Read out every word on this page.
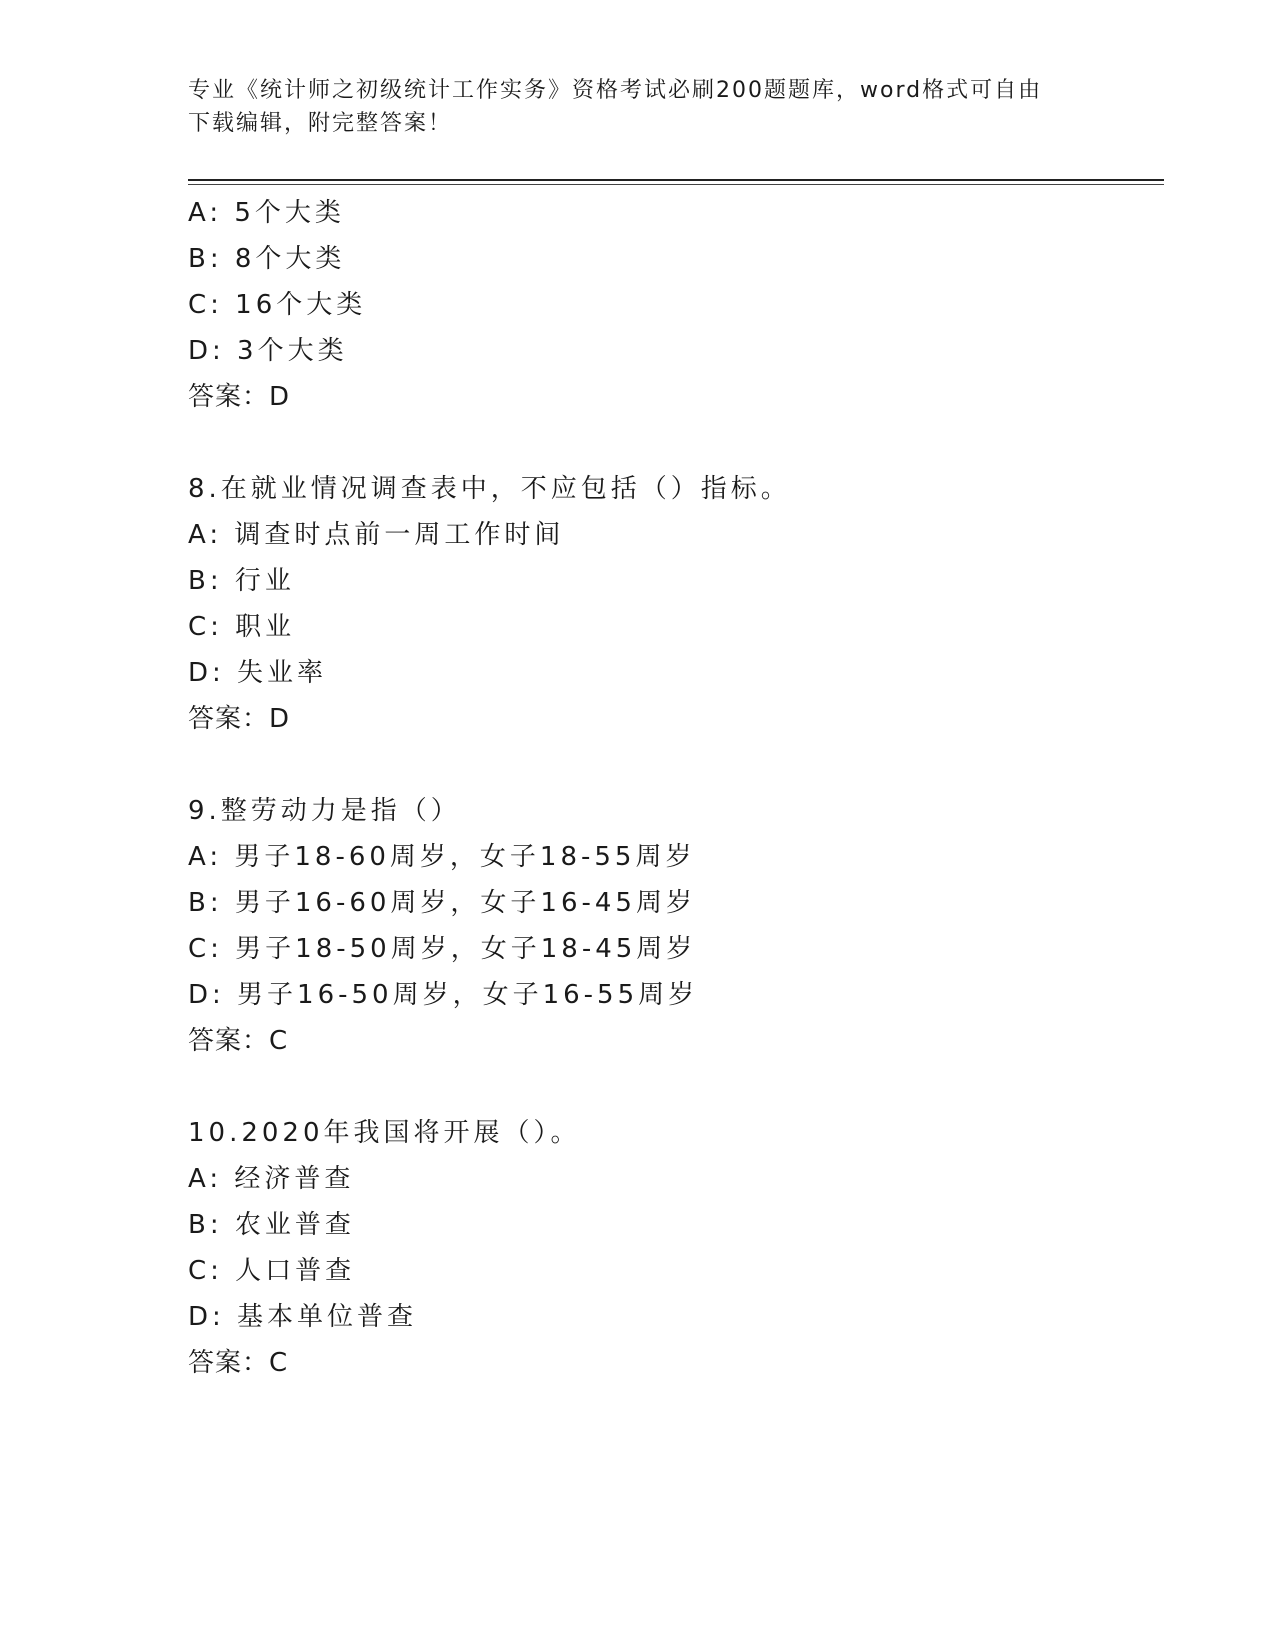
专业《统计师之初级统计工作实务》资格考试必刷200题题库，word格式可自由
下载编辑，附完整答案！
A: 5个大类
B: 8个大类
C: 16个大类
D: 3个大类
答案：D
8.在就业情况调查表中，不应包括（）指标。
A: 调查时点前一周工作时间
B: 行业
C: 职业
D: 失业率
答案：D
9.整劳动力是指（）
A: 男子18-60周岁，女子18-55周岁
B: 男子16-60周岁，女子16-45周岁
C: 男子18-50周岁，女子18-45周岁
D: 男子16-50周岁，女子16-55周岁
答案：C
10.2020年我国将开展（）。
A: 经济普查
B: 农业普查
C: 人口普查
D: 基本单位普查
答案：C
